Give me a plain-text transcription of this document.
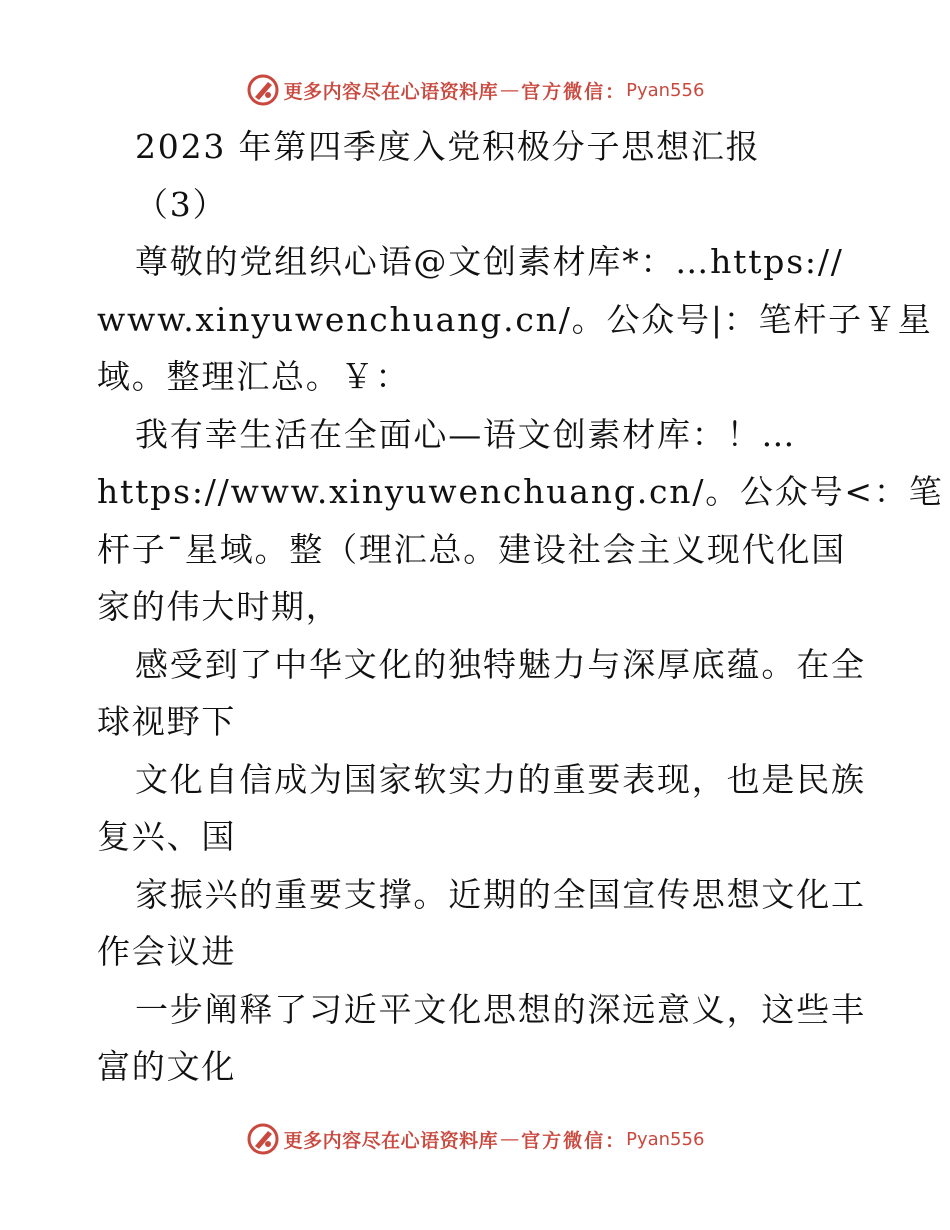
更多内容尽在心语资料库 — 官方微信： Pyan556
2023 年第四季度入党积极分子思想汇报
（3）
尊敬的党组织心语@文创素材库*：…https://
www.xinyuwenchuang.cn/。公众号|：笔杆子￥星
域。整理汇总。￥：
我有幸生活在全面心—语文创素材库：！…
https://www.xinyuwenchuang.cn/。公众号<：笔
杆子¯星域。整（理汇总。建设社会主义现代化国
家的伟大时期，
感受到了中华文化的独特魅力与深厚底蕴。在全
球视野下
文化自信成为国家软实力的重要表现，也是民族
复兴、国
家振兴的重要支撑。近期的全国宣传思想文化工
作会议进
一步阐释了习近平文化思想的深远意义，这些丰
富的文化
更多内容尽在心语资料库 — 官方微信： Pyan556
